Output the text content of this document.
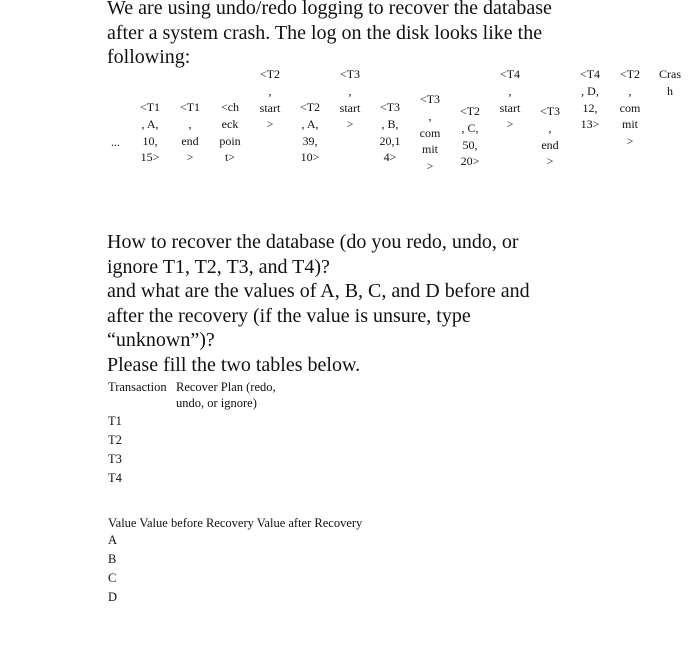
We are using undo/redo logging to recover the database after a system crash. The log on the disk looks like the following:
...
<T1
, A,
10,
15>
<T1
,
end
>
<ch
eck
poin
t>
<T2
,
start
>
<T2
, A,
39,
10>
<T3
,
start
>
<T3
, B,
20,1
4>
<T3
,
com
mit
>
<T2
, C,
50,
20>
<T4
,
start
>
<T3
,
end
>
<T4
, D,
12,
13>
<T2
,
com
mit
>
Cras
h
How to recover the database (do you redo, undo, or
ignore T1, T2, T3, and T4)?
and what are the values of A, B, C, and D before and
after the recovery (if the value is unsure, type
“unknown”)?
Please fill the two tables below.
Transaction Recover Plan (redo,
undo, or ignore)
T1
T2
T3
T4
Value Value before Recovery Value after Recovery
A
B
C
D
